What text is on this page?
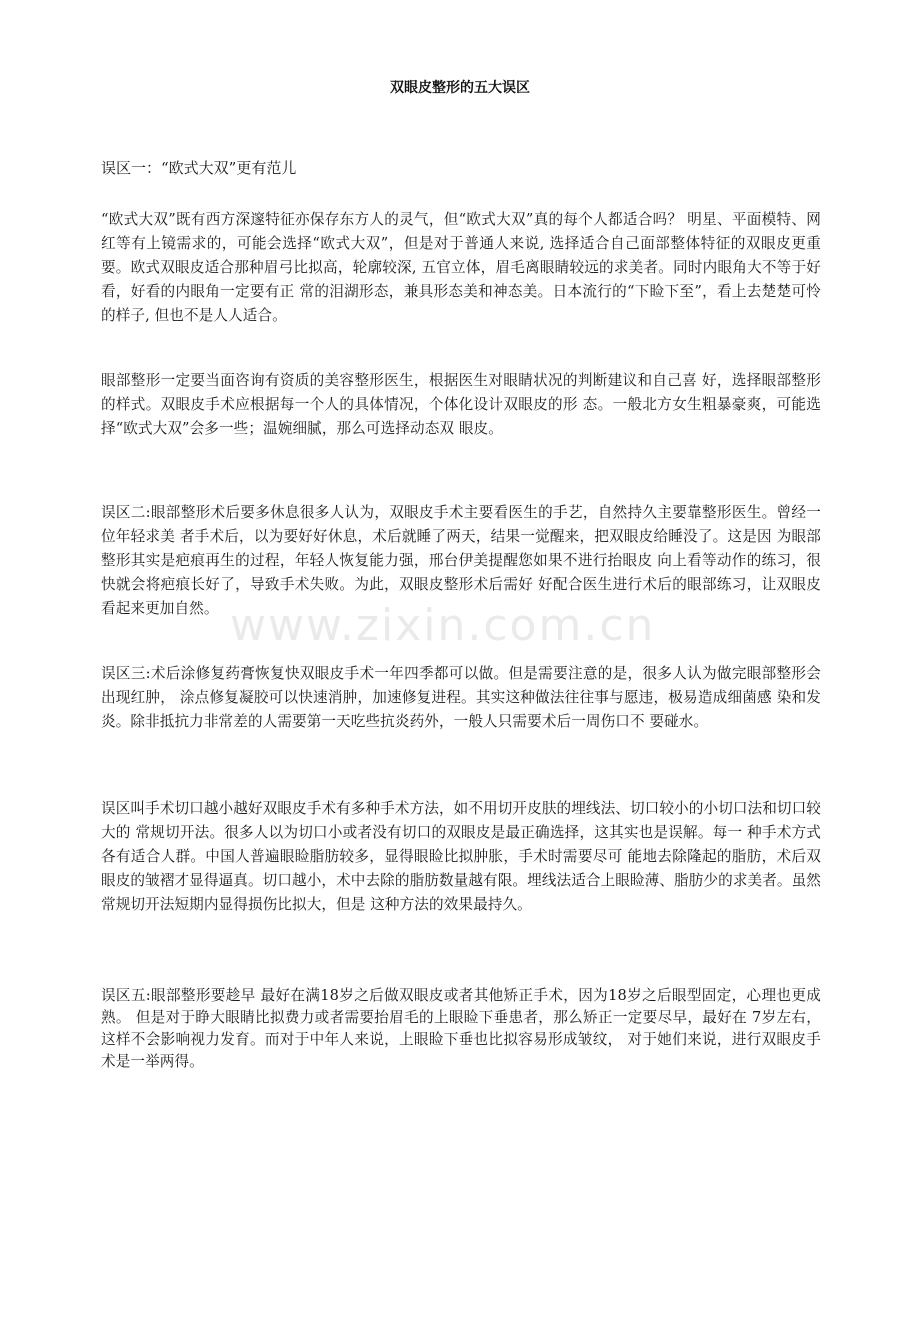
双眼皮整形的五大误区
误区一：“欧式大双”更有范儿
“欧式大双”既有西方深邃特征亦保存东方人的灵气，但“欧式大双”真的每个人都适合吗？ 明星、平面模特、网红等有上镜需求的，可能会选择“欧式大双”，但是对于普通人来说, 选择适合自己面部整体特征的双眼皮更重要。欧式双眼皮适合那种眉弓比拟高，轮廓较深, 五官立体，眉毛离眼睛较远的求美者。同时内眼角大不等于好看，好看的内眼角一定要有正 常的泪湖形态，兼具形态美和神态美。日本流行的“下睑下至”，看上去楚楚可怜的样子, 但也不是人人适合。
眼部整形一定要当面咨询有资质的美容整形医生，根据医生对眼睛状况的判断建议和自己喜 好，选择眼部整形的样式。双眼皮手术应根据每一个人的具体情况，个体化设计双眼皮的形 态。一般北方女生粗暴豪爽，可能选择“欧式大双”会多一些；温婉细腻，那么可选择动态双 眼皮。
误区二:眼部整形术后要多休息很多人认为，双眼皮手术主要看医生的手艺，自然持久主要靠整形医生。曾经一位年轻求美 者手术后，以为要好好休息，术后就睡了两天，结果一觉醒来，把双眼皮给睡没了。这是因 为眼部整形其实是疤痕再生的过程，年轻人恢复能力强，邢台伊美提醒您如果不进行抬眼皮 向上看等动作的练习，很快就会将疤痕长好了，导致手术失败。为此，双眼皮整形术后需好 好配合医生进行术后的眼部练习，让双眼皮看起来更加自然。
误区三:术后涂修复药膏恢复快双眼皮手术一年四季都可以做。但是需要注意的是，很多人认为做完眼部整形会出现红肿， 涂点修复凝胶可以快速消肿，加速修复进程。其实这种做法往往事与愿违，极易造成细菌感 染和发炎。除非抵抗力非常差的人需要第一天吃些抗炎药外，一般人只需要术后一周伤口不 要碰水。
误区叫手术切口越小越好双眼皮手术有多种手术方法，如不用切开皮肤的埋线法、切口较小的小切口法和切口较大的 常规切开法。很多人以为切口小或者没有切口的双眼皮是最正确选择，这其实也是误解。每一 种手术方式各有适合人群。中国人普遍眼睑脂肪较多，显得眼睑比拟肿胀，手术时需要尽可 能地去除隆起的脂肪，术后双眼皮的皱褶才显得逼真。切口越小，术中去除的脂肪数量越有限。埋线法适合上眼睑薄、脂肪少的求美者。虽然常规切开法短期内显得损伤比拟大，但是 这种方法的效果最持久。
误区五:眼部整形要趁早 最好在满18岁之后做双眼皮或者其他矫正手术，因为18岁之后眼型固定，心理也更成熟。 但是对于睁大眼睛比拟费力或者需要抬眉毛的上眼睑下垂患者，那么矫正一定要尽早，最好在 7岁左右，这样不会影响视力发育。而对于中年人来说，上眼睑下垂也比拟容易形成皱纹， 对于她们来说，进行双眼皮手术是一举两得。
www.zixin.com.cn
